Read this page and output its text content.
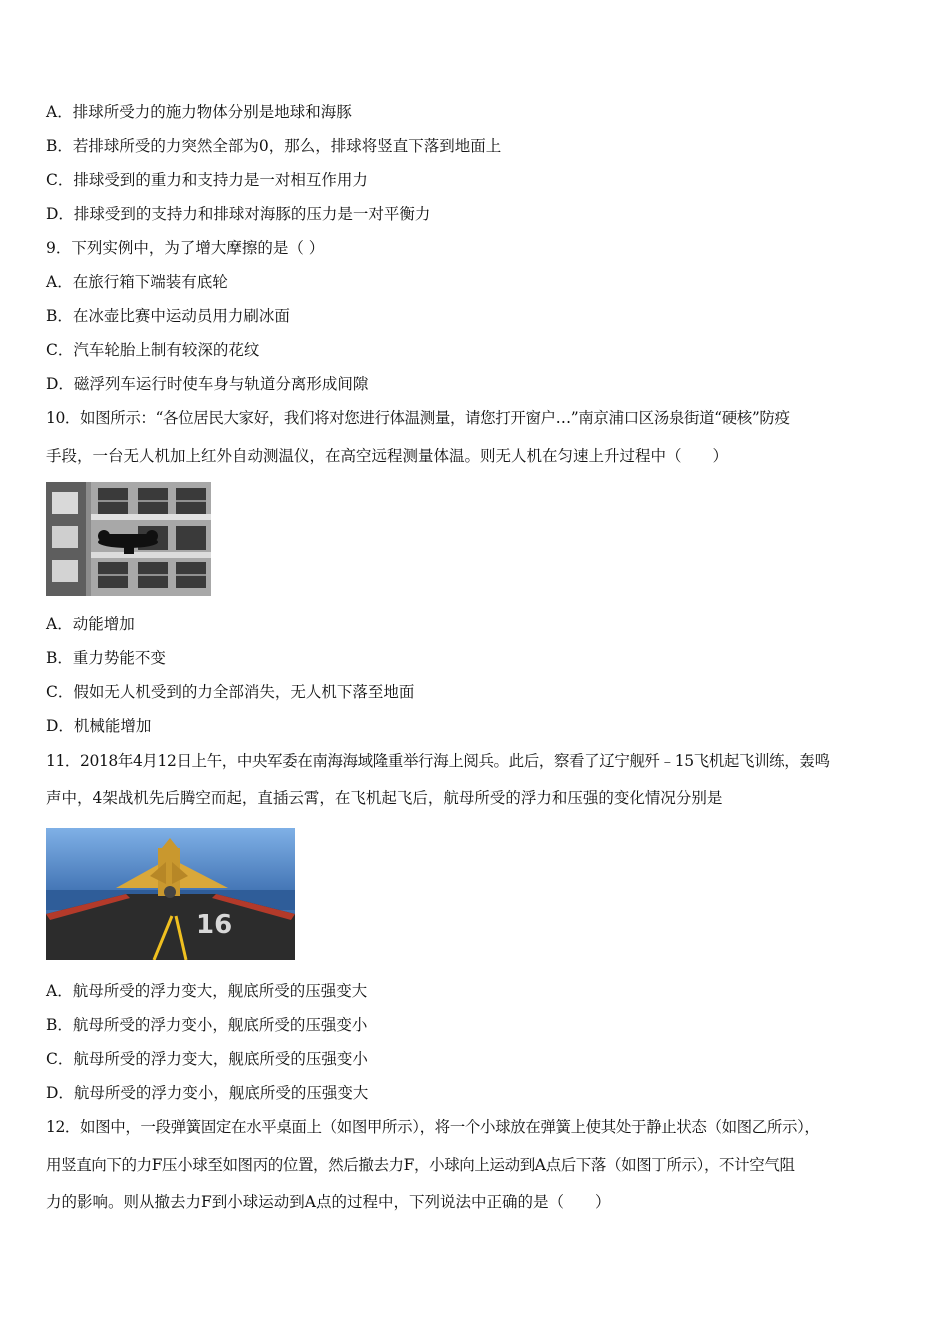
A．排球所受力的施力物体分别是地球和海豚
B．若排球所受的力突然全部为0，那么，排球将竖直下落到地面上
C．排球受到的重力和支持力是一对相互作用力
D．排球受到的支持力和排球对海豚的压力是一对平衡力
9．下列实例中，为了增大摩擦的是（ ）
A．在旅行箱下端装有底轮
B．在冰壶比赛中运动员用力刷冰面
C．汽车轮胎上制有较深的花纹
D．磁浮列车运行时使车身与轨道分离形成间隙
10．如图所示：“各位居民大家好，我们将对您进行体温测量，请您打开窗户…”南京浦口区汤泉街道“硬核”防疫
手段，一台无人机加上红外自动测温仪，在高空远程测量体温。则无人机在匀速上升过程中（　　）
A．动能增加
B．重力势能不变
C．假如无人机受到的力全部消失，无人机下落至地面
D．机械能增加
11．2018年4月12日上午，中央军委在南海海域隆重举行海上阅兵。此后，察看了辽宁舰歼﹣15飞机起飞训练，轰鸣
声中，4架战机先后腾空而起，直插云霄，在飞机起飞后，航母所受的浮力和压强的变化情况分别是
16
A．航母所受的浮力变大，舰底所受的压强变大
B．航母所受的浮力变小，舰底所受的压强变小
C．航母所受的浮力变大，舰底所受的压强变小
D．航母所受的浮力变小，舰底所受的压强变大
12．如图中，一段弹簧固定在水平桌面上（如图甲所示），将一个小球放在弹簧上使其处于静止状态（如图乙所示），
用竖直向下的力F压小球至如图丙的位置，然后撤去力F，小球向上运动到A点后下落（如图丁所示），不计空气阻
力的影响。则从撤去力F到小球运动到A点的过程中，下列说法中正确的是（　　）
